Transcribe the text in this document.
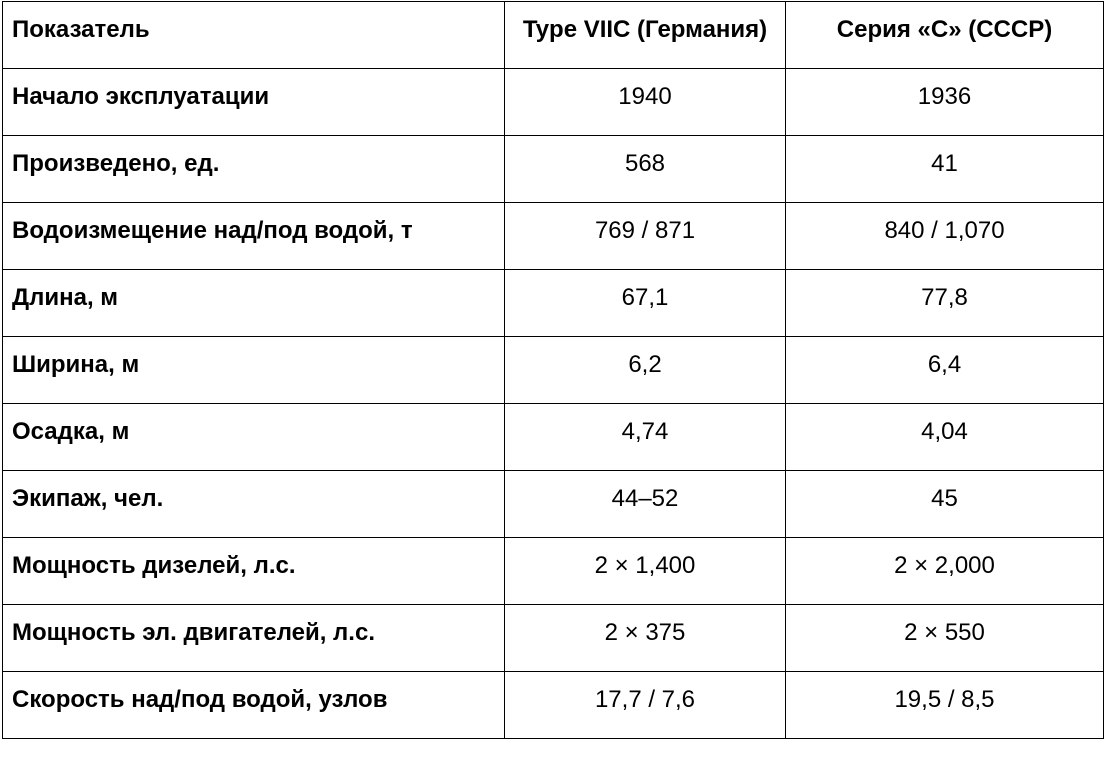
Показатель	Type VIIC (Германия)	Серия «С» (СССР)

Начало эксплуатации	1940	1936

Произведено, ед.	568	41

Водоизмещение над/под водой, т	769 / 871	840 / 1,070

Длина, м	67,1	77,8

Ширина, м	6,2	6,4

Осадка, м	4,74	4,04

Экипаж, чел.	44–52	45

Мощность дизелей, л.с.	2 × 1,400	2 × 2,000

Мощность эл. двигателей, л.с.	2 × 375	2 × 550

Скорость над/под водой, узлов	17,7 / 7,6	19,5 / 8,5
